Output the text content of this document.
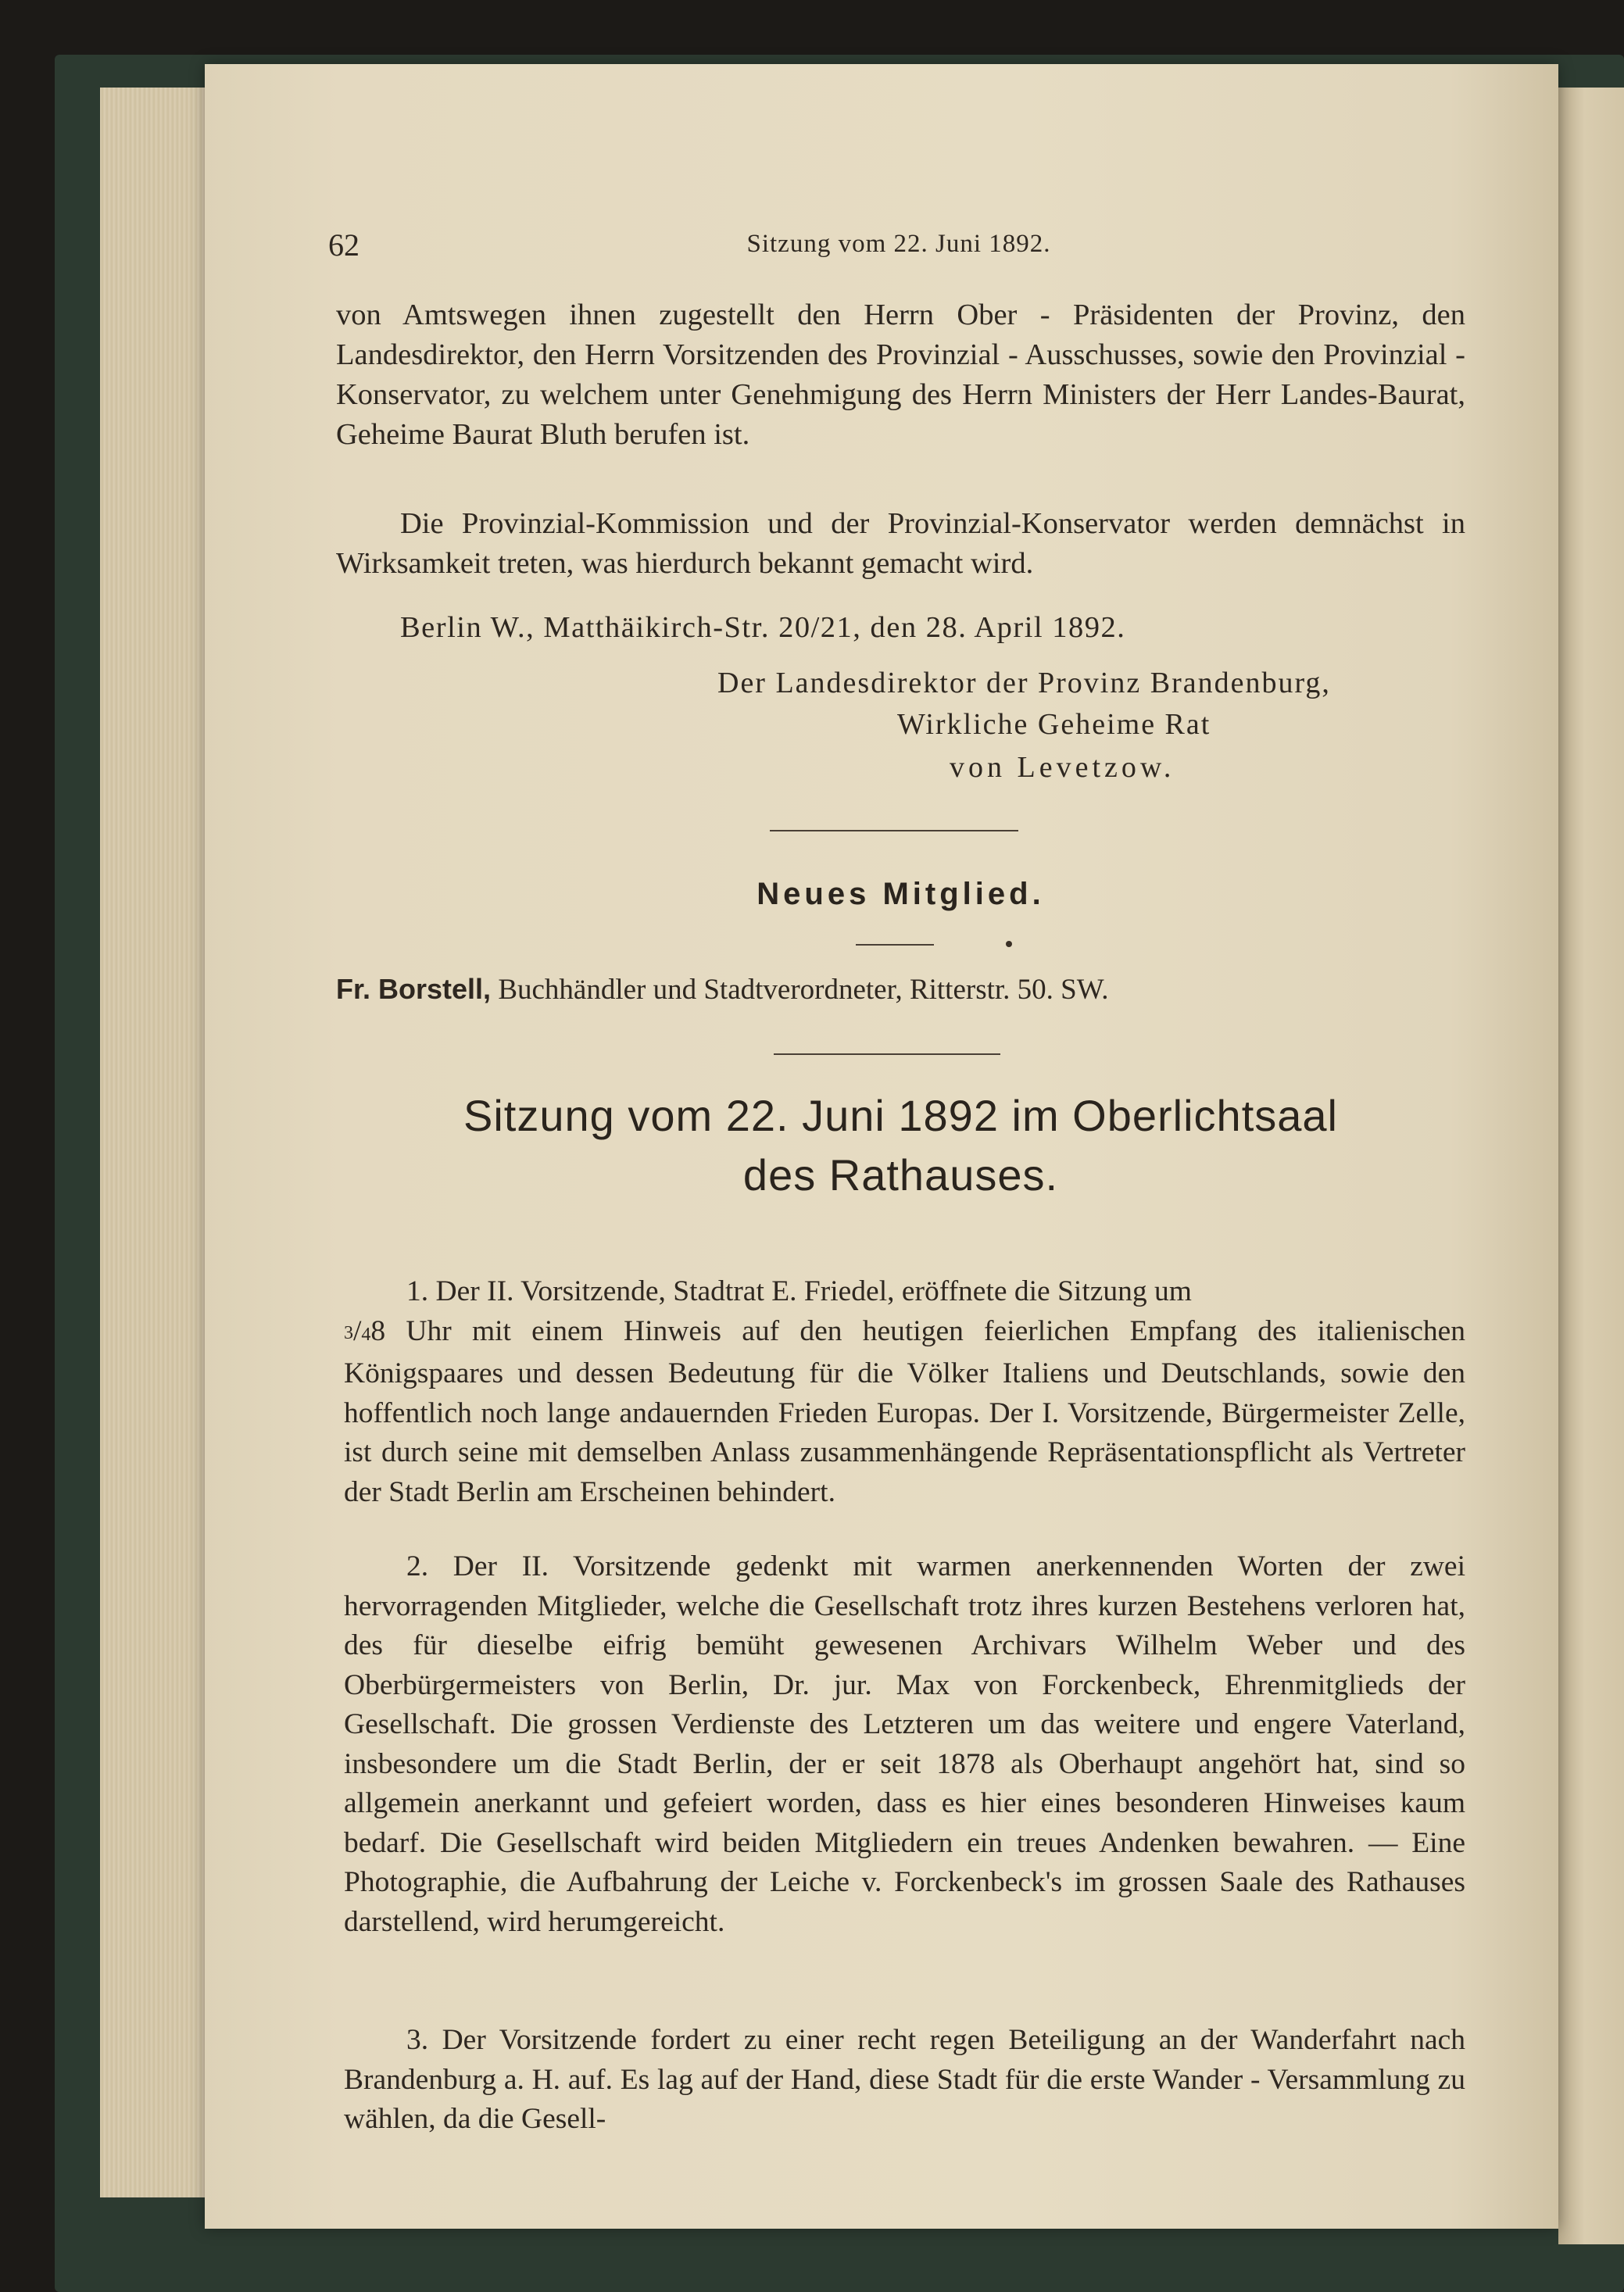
62	Sitzung vom 22. Juni 1892.
von Amtswegen ihnen zugestellt den Herrn Ober - Präsidenten der Provinz, den Landesdirektor, den Herrn Vorsitzenden des Provinzial - Ausschusses, sowie den Provinzial - Konservator, zu welchem unter Genehmigung des Herrn Ministers der Herr Landes-Baurat, Geheime Baurat Bluth berufen ist.
Die Provinzial-Kommission und der Provinzial-Konservator werden demnächst in Wirksamkeit treten, was hierdurch bekannt gemacht wird.
Berlin W., Matthäikirch-Str. 20/21, den 28. April 1892.
Der Landesdirektor der Provinz Brandenburg,
Wirkliche Geheime Rat
von Levetzow.
Neues Mitglied.
Fr. Borstell, Buchhändler und Stadtverordneter, Ritterstr. 50. SW.
Sitzung vom 22. Juni 1892 im Oberlichtsaal
des Rathauses.
1. Der II. Vorsitzende, Stadtrat E. Friedel, eröffnete die Sitzung um
$^3$/48 Uhr mit einem Hinweis auf den heutigen feierlichen Empfang des italienischen Königspaares und dessen Bedeutung für die Völker Italiens und Deutschlands, sowie den hoffentlich noch lange andauernden Frieden Europas. Der I. Vorsitzende, Bürgermeister Zelle, ist durch seine mit demselben Anlass zusammenhängende Repräsentationspflicht als Vertreter der Stadt Berlin am Erscheinen behindert.
2. Der II. Vorsitzende gedenkt mit warmen anerkennenden Worten der zwei hervorragenden Mitglieder, welche die Gesellschaft trotz ihres kurzen Bestehens verloren hat, des für dieselbe eifrig bemüht gewesenen Archivars Wilhelm Weber und des Oberbürgermeisters von Berlin, Dr. jur. Max von Forckenbeck, Ehrenmitglieds der Gesellschaft. Die grossen Verdienste des Letzteren um das weitere und engere Vaterland, insbesondere um die Stadt Berlin, der er seit 1878 als Oberhaupt angehört hat, sind so allgemein anerkannt und gefeiert worden, dass es hier eines besonderen Hinweises kaum bedarf. Die Gesellschaft wird beiden Mitgliedern ein treues Andenken bewahren. — Eine Photographie, die Aufbahrung der Leiche v. Forckenbeck's im grossen Saale des Rathauses darstellend, wird herumgereicht.
3. Der Vorsitzende fordert zu einer recht regen Beteiligung an der Wanderfahrt nach Brandenburg a. H. auf. Es lag auf der Hand, diese Stadt für die erste Wander - Versammlung zu wählen, da die Gesell-
